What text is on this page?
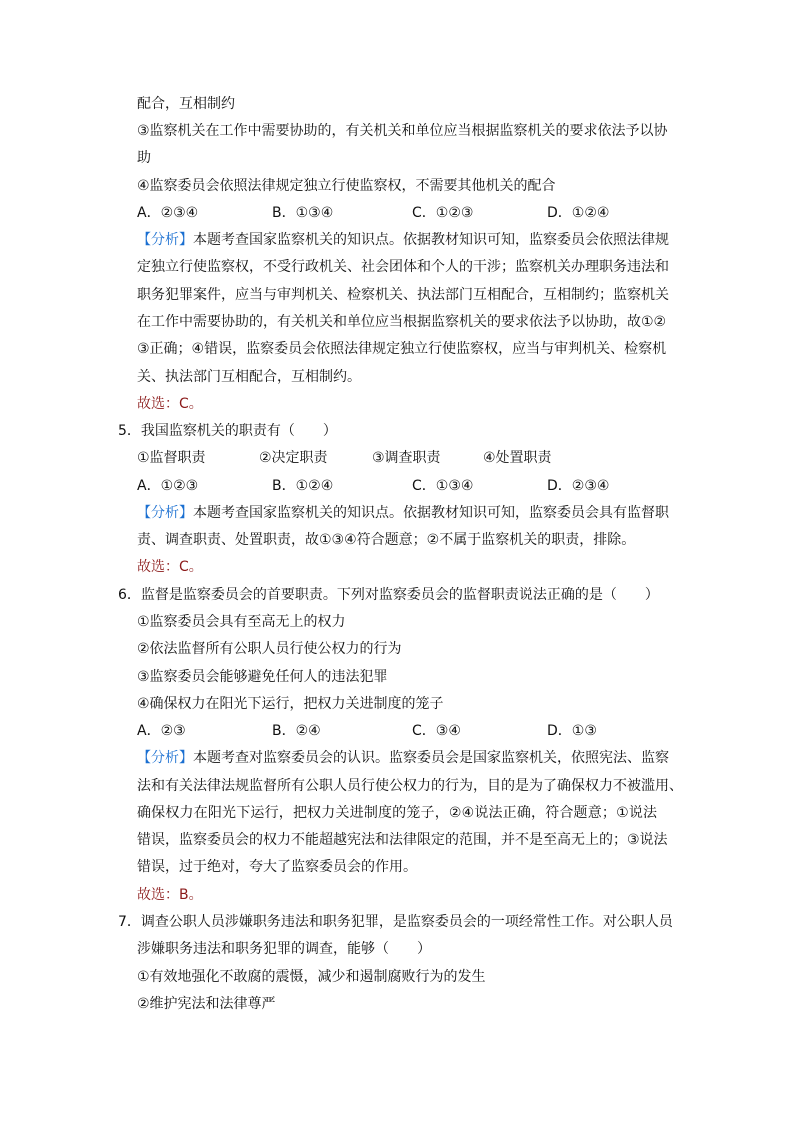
配合，互相制约
③监察机关在工作中需要协助的，有关机关和单位应当根据监察机关的要求依法予以协
助
④监察委员会依照法律规定独立行使监察权，不需要其他机关的配合
A．②③④	B．①③④	C．①②③	D．①②④
【分析】本题考查国家监察机关的知识点。依据教材知识可知，监察委员会依照法律规
定独立行使监察权，不受行政机关、社会团体和个人的干涉；监察机关办理职务违法和
职务犯罪案件，应当与审判机关、检察机关、执法部门互相配合，互相制约；监察机关
在工作中需要协助的，有关机关和单位应当根据监察机关的要求依法予以协助，故①②
③正确；④错误，监察委员会依照法律规定独立行使监察权，应当与审判机关、检察机
关、执法部门互相配合，互相制约。
故选：C。
5．我国监察机关的职责有（　　）
①监督职责	②决定职责	③调查职责	④处置职责
A．①②③	B．①②④	C．①③④	D．②③④
【分析】本题考查国家监察机关的知识点。依据教材知识可知，监察委员会具有监督职
责、调查职责、处置职责，故①③④符合题意；②不属于监察机关的职责，排除。
故选：C。
6．监督是监察委员会的首要职责。下列对监察委员会的监督职责说法正确的是（　　）
①监察委员会具有至高无上的权力
②依法监督所有公职人员行使公权力的行为
③监察委员会能够避免任何人的违法犯罪
④确保权力在阳光下运行，把权力关进制度的笼子
A．②③	B．②④	C．③④	D．①③
【分析】本题考查对监察委员会的认识。监察委员会是国家监察机关，依照宪法、监察
法和有关法律法规监督所有公职人员行使公权力的行为，目的是为了确保权力不被滥用、
确保权力在阳光下运行，把权力关进制度的笼子，②④说法正确，符合题意；①说法
错误，监察委员会的权力不能超越宪法和法律限定的范围，并不是至高无上的；③说法
错误，过于绝对，夸大了监察委员会的作用。
故选：B。
7．调查公职人员涉嫌职务违法和职务犯罪，是监察委员会的一项经常性工作。对公职人员
涉嫌职务违法和职务犯罪的调查，能够（　　）
①有效地强化不敢腐的震慑，减少和遏制腐败行为的发生
②维护宪法和法律尊严
